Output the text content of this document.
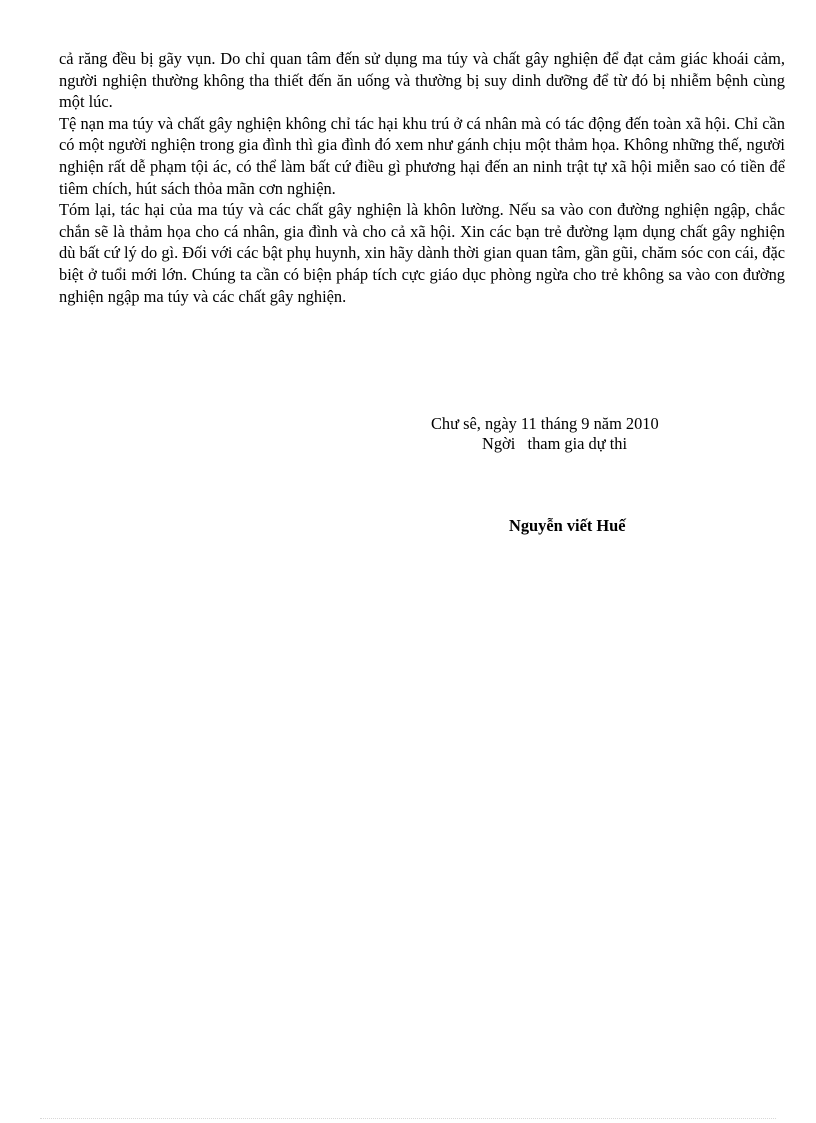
cả răng đều bị gãy vụn. Do chỉ quan tâm đến sử dụng ma túy và chất gây nghiện để đạt cảm giác khoái cảm, người nghiện thường không tha thiết đến ăn uống và thường bị suy dinh dưỡng để từ đó bị nhiễm bệnh cùng một lúc.

Tệ nạn ma túy và chất gây nghiện không chỉ tác hại khu trú ở cá nhân mà có tác động đến toàn xã hội. Chỉ cần có một người nghiện trong gia đình thì gia đình đó xem như gánh chịu một thảm họa. Không những thế, người nghiện rất dễ phạm tội ác, có thể làm bất cứ điều gì phương hại đến an ninh trật tự xã hội miễn sao có tiền để tiêm chích, hút sách thỏa mãn cơn nghiện.

Tóm lại, tác hại của ma túy và các chất gây nghiện là khôn lường. Nếu sa vào con đường nghiện ngập, chắc chắn sẽ là thảm họa cho cá nhân, gia đình và cho cả xã hội. Xin các bạn trẻ đường lạm dụng chất gây nghiện dù bất cứ lý do gì. Đối với các bật phụ huynh, xin hãy dành thời gian quan tâm, gần gũi, chăm sóc con cái, đặc biệt ở tuổi mới lớn. Chúng ta cần có biện pháp tích cực giáo dục phòng ngừa cho trẻ không sa vào con đường nghiện ngập ma túy và các chất gây nghiện.

Chư sê, ngày 11 tháng 9 năm 2010
Ngời   tham gia dự thi
Nguyễn viết Huế
